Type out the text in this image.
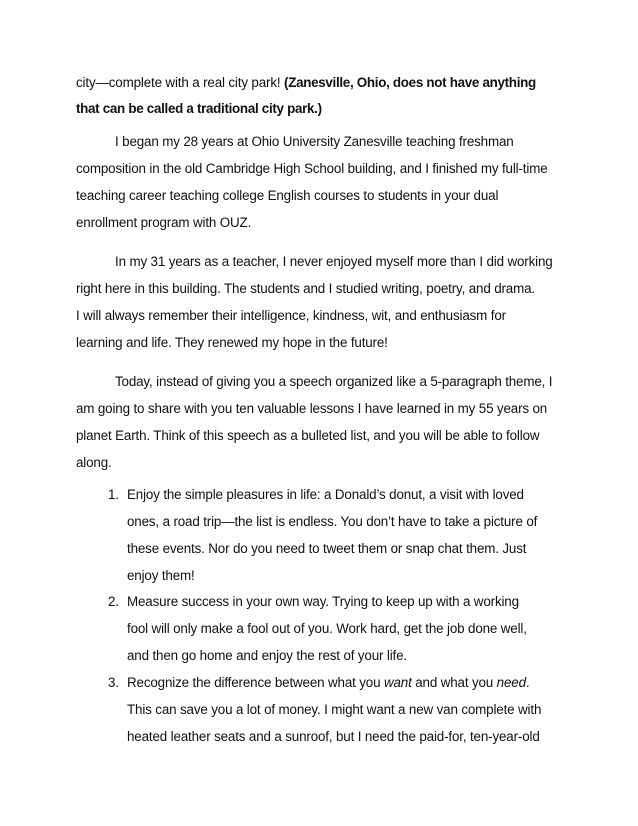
city—complete with a real city park! (Zanesville, Ohio, does not have anything
that can be called a traditional city park.)
I began my 28 years at Ohio University Zanesville teaching freshman
composition in the old Cambridge High School building, and I finished my full-time
teaching career teaching college English courses to students in your dual
enrollment program with OUZ.
In my 31 years as a teacher, I never enjoyed myself more than I did working
right here in this building. The students and I studied writing, poetry, and drama.
I will always remember their intelligence, kindness, wit, and enthusiasm for
learning and life. They renewed my hope in the future!
Today, instead of giving you a speech organized like a 5-paragraph theme, I
am going to share with you ten valuable lessons I have learned in my 55 years on
planet Earth. Think of this speech as a bulleted list, and you will be able to follow
along.
1. Enjoy the simple pleasures in life: a Donald’s donut, a visit with loved
ones, a road trip—the list is endless. You don’t have to take a picture of
these events. Nor do you need to tweet them or snap chat them. Just
enjoy them!
2. Measure success in your own way. Trying to keep up with a working
fool will only make a fool out of you. Work hard, get the job done well,
and then go home and enjoy the rest of your life.
3. Recognize the difference between what you want and what you need.
This can save you a lot of money. I might want a new van complete with
heated leather seats and a sunroof, but I need the paid-for, ten-year-old
